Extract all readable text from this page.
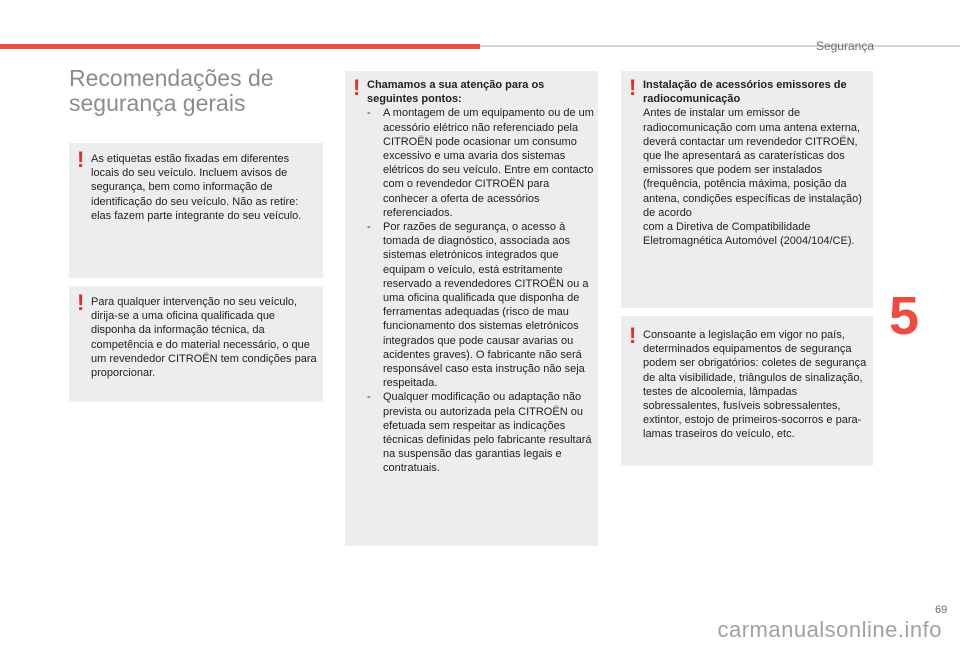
Segurança
Recomendações de segurança gerais
! As etiquetas estão fixadas em diferentes locais do seu veículo. Incluem avisos de segurança, bem como informação de identificação do seu veículo. Não as retire: elas fazem parte integrante do seu veículo.

! Para qualquer intervenção no seu veículo, dirija-se a uma oficina qualificada que disponha da informação técnica, da competência e do material necessário, o que um revendedor CITROËN tem condições para proporcionar.

! Chamamos a sua atenção para os seguintes pontos:

-	A montagem de um equipamento ou de um acessório elétrico não referenciado pela CITROËN pode ocasionar um consumo excessivo e uma avaria dos sistemas elétricos do seu veículo. Entre em contacto com o revendedor CITROËN para conhecer a oferta de acessórios referenciados.
-	Por razões de segurança, o acesso à tomada de diagnóstico, associada aos sistemas eletrónicos integrados que equipam o veículo, está estritamente reservado a revendedores CITROËN ou a uma oficina qualificada que disponha de ferramentas adequadas (risco de mau funcionamento dos sistemas eletrónicos integrados que pode causar avarias ou acidentes graves). O fabricante não será responsável caso esta instrução não seja respeitada.
-	Qualquer modificação ou adaptação não prevista ou autorizada pela CITROËN ou efetuada sem respeitar as indicações técnicas definidas pelo fabricante resultará na suspensão das garantias legais e contratuais.
! Instalação de acessórios emissores de radiocomunicação

Antes de instalar um emissor de radiocomunicação com uma antena externa, deverá contactar um revendedor CITROËN, que lhe apresentará as caraterísticas dos emissores que podem ser instalados (frequência, potência máxima, posição da antena, condições específicas de instalação) de acordo

com a Diretiva de Compatibilidade Eletromagnética Automóvel (2004/104/CE).

! Consoante a legislação em vigor no país, determinados equipamentos de segurança podem ser obrigatórios: coletes de segurança de alta visibilidade, triângulos de sinalização, testes de alcoolemia, lâmpadas sobressalentes, fusíveis sobressalentes, extintor, estojo de primeiros-socorros e para-lamas traseiros do veículo, etc.

5
69
carmanualsonline.info
